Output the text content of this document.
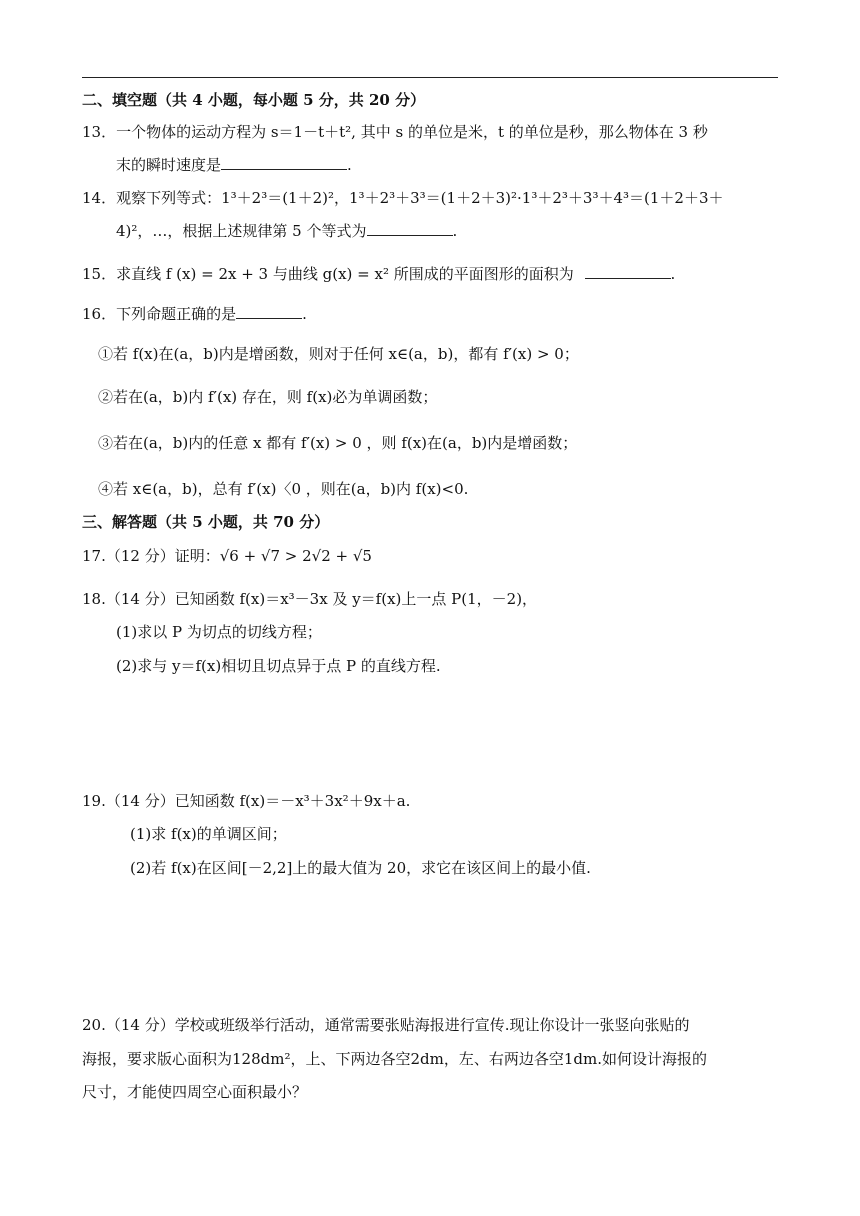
二、填空题（共 4 小题，每小题 5 分，共 20 分）
13．一个物体的运动方程为 s＝1－t＋t², 其中 s 的单位是米，t 的单位是秒，那么物体在 3 秒
末的瞬时速度是	.
14．观察下列等式：1³＋2³＝(1＋2)²，1³＋2³＋3³＝(1＋2＋3)²·1³＋2³＋3³＋4³＝(1＋2＋3＋
4)²，…，根据上述规律第 5 个等式为	.
15．求直线 f (x) = 2x + 3 与曲线 g(x) = x² 所围成的平面图形的面积为	.
16．下列命题正确的是	.
①若 f(x)在(a，b)内是增函数，则对于任何 x∈(a，b)，都有 f′(x) > 0；
②若在(a，b)内 f′(x) 存在，则 f(x)必为单调函数；
③若在(a，b)内的任意 x 都有 f′(x) > 0 ，则 f(x)在(a，b)内是增函数；
④若 x∈(a，b)，总有 f′(x)〈0 ，则在(a，b)内 f(x)<0.
三、解答题（共 5 小题，共 70 分）
17.（12 分）证明：√6 + √7 > 2√2 + √5
18.（14 分）已知函数 f(x)＝x³－3x 及 y＝f(x)上一点 P(1，－2)，
(1)求以 P 为切点的切线方程；
(2)求与 y＝f(x)相切且切点异于点 P 的直线方程.
19.（14 分）已知函数 f(x)＝－x³＋3x²＋9x＋a.
(1)求 f(x)的单调区间；
(2)若 f(x)在区间[－2,2]上的最大值为 20，求它在该区间上的最小值.
20.（14 分）学校或班级举行活动，通常需要张贴海报进行宣传.现让你设计一张竖向张贴的
海报，要求版心面积为128dm²，上、下两边各空2dm，左、右两边各空1dm.如何设计海报的
尺寸，才能使四周空心面积最小？
